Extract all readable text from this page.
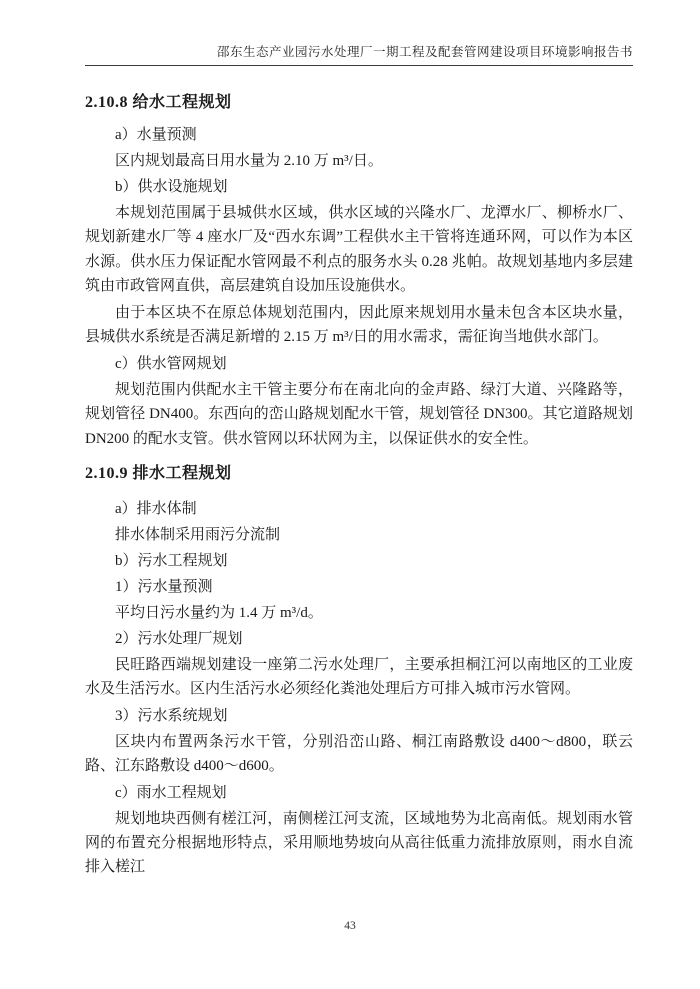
邵东生态产业园污水处理厂一期工程及配套管网建设项目环境影响报告书
2.10.8 给水工程规划
a）水量预测
区内规划最高日用水量为 2.10 万 m³/日。
b）供水设施规划
本规划范围属于县城供水区域，供水区域的兴隆水厂、龙潭水厂、柳桥水厂、规划新建水厂等 4 座水厂及“西水东调”工程供水主干管将连通环网，可以作为本区水源。供水压力保证配水管网最不利点的服务水头 0.28 兆帕。故规划基地内多层建筑由市政管网直供，高层建筑自设加压设施供水。
由于本区块不在原总体规划范围内，因此原来规划用水量未包含本区块水量，县城供水系统是否满足新增的 2.15 万 m³/日的用水需求，需征询当地供水部门。
c）供水管网规划
规划范围内供配水主干管主要分布在南北向的金声路、绿汀大道、兴隆路等，规划管径 DN400。东西向的峦山路规划配水干管，规划管径 DN300。其它道路规划 DN200 的配水支管。供水管网以环状网为主，以保证供水的安全性。
2.10.9 排水工程规划
a）排水体制
排水体制采用雨污分流制
b）污水工程规划
1）污水量预测
平均日污水量约为 1.4 万 m³/d。
2）污水处理厂规划
民旺路西端规划建设一座第二污水处理厂，主要承担桐江河以南地区的工业废水及生活污水。区内生活污水必须经化粪池处理后方可排入城市污水管网。
3）污水系统规划
区块内布置两条污水干管，分别沿峦山路、桐江南路敷设 d400～d800，联云路、江东路敷设 d400～d600。
c）雨水工程规划
规划地块西侧有槎江河，南侧槎江河支流，区域地势为北高南低。规划雨水管网的布置充分根据地形特点，采用顺地势坡向从高往低重力流排放原则，雨水自流排入槎江
43
